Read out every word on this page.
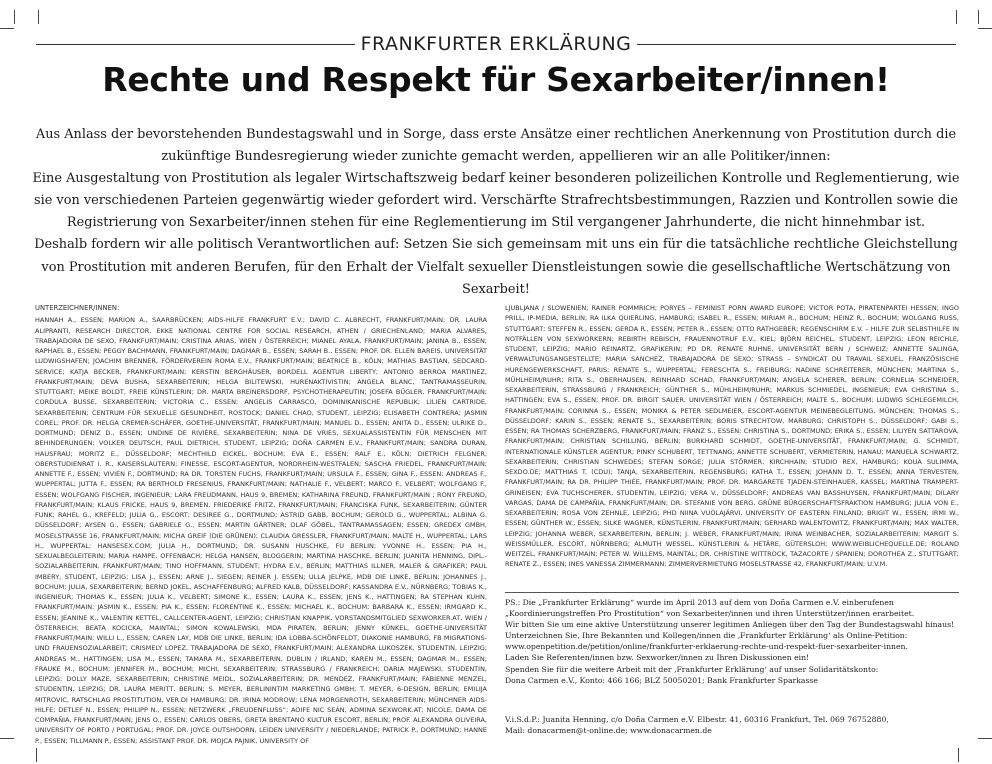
FRANKFURTER ERKLÄRUNG
Rechte und Respekt für Sexarbeiter/innen!

Aus Anlass der bevorstehenden Bundestagswahl und in Sorge, dass erste Ansätze einer rechtlichen Anerkennung von Prostitution durch die zukünftige Bundesregierung wieder zunichte gemacht werden, appellieren wir an alle Politiker/innen:

Eine Ausgestaltung von Prostitution als legaler Wirtschaftszweig bedarf keiner besonderen polizeilichen Kontrolle und Reglementierung, wie sie von verschiedenen Parteien gegenwärtig wieder gefordert wird. Verschärfte Strafrechtsbestimmungen, Razzien und Kontrollen sowie die Registrierung von Sexarbeiter/innen stehen für eine Reglementierung im Stil vergangener Jahrhunderte, die nicht hinnehmbar ist.

Deshalb fordern wir alle politisch Verantwortlichen auf: Setzen Sie sich gemeinsam mit uns ein für die tatsächliche rechtliche Gleichstellung von Prostitution mit anderen Berufen, für den Erhalt der Vielfalt sexueller Dienstleistungen sowie die gesellschaftliche Wertschätzung von Sexarbeit!

UNTERZEICHNER/INNEN:
HANNAH A., ESSEN; MARION A., SAARBRÜCKEN; AIDS-HILFE FRANKFURT E.V.; DAVID C. ALBRECHT, FRANKFURT/MAIN; DR. LAURA ALIPRANTI, RESEARCH DIRECTOR, EKKE NATIONAL CENTRE FOR SOCIAL RESEARCH, ATHEN / GRIECHENLAND; MARIA ALVARES, TRABAJADORA DE SEXO, FRANKFURT/MAIN; CRISTINA ARIAS, WIEN / ÖSTERREICH; MIANEL AYALA, FRANKFURT/MAIN; JANINA B., ESSEN; RAPHAEL B., ESSEN; PEGGY BACHMANN, FRANKFURT/MAIN; DAGMAR B., ESSEN; SARAH B., ESSEN; PROF. DR. ELLEN BAREIS, UNIVERSITÄT LUDWIGSHAFEN; JOACHIM BRENNER, FÖRDERVEREIN ROMA E.V., FRANKFURT/MAIN; BEATRICE B., KÖLN; MATHIAS BASTIAN, SEDCARD-SERVICE; KATJA BECKER, FRANKFURT/MAIN; KERSTIN BERGHÄUSER, BORDELL AGENTUR LIBERTY; ANTONIO BERROA MARTINEZ, FRANKFURT/MAIN; DEVA BUSHA, SEXARBEITERIN; HELGA BILITEWSKI, HURENAKTIVISTIN; ANGELA BLANC, TANTRAMASSEURIN, STUTTGART; MEIKE BOLDT, FREIE KÜNSTLERIN; DR. MARTA BREINERSDORF, PSYCHOTHERAPEUTIN; JOSEFA BÜGLER, FRANKFURT/MAIN; CORDULA BUSSE, SEXARBEITERIN; VICTORIA C., ESSEN; ANGELIS CARRASCO, DOMINIKANISCHE REPUBLIK; LILIEN CARTRIDE, SEXARBEITERIN; CENTRUM FÜR SEXUELLE GESUNDHEIT, ROSTOCK; DANIEL CHAO, STUDENT, LEIPZIG; ELISABETH CONTRERA; JASMIN COREL; PROF. DR. HELGA CREMER-SCHÄFER, GOETHE-UNIVERSITÄT, FRANKFURT/MAIN; MANUEL D., ESSEN; ANITA D., ESSEN; ULRIKE D., DORTMUND; DENIZ D., ESSEN; UNDINE DE RIVIÈRE, SEXARBEITERIN; NINA DE VRIES, SEXUALASSISTENTIN FÜR MENSCHEN MIT BEHINDERUNGEN; VOLKER DEUTSCH, PAUL DIETRICH, STUDENT, LEIPZIG; DOÑA CARMEN E.V., FRANKFURT/MAIN; SANDRA DURAN, HAUSFRAU; MORITZ E., DÜSSELDORF; MECHTHILD EICKEL, BOCHUM; EVA E., ESSEN; RALF E., KÖLN; DIETRICH FELGNER, OBERSTUDIENRAT I. R., KAISERSLAUTERN; FINESSE, ESCORT-AGENTUR, NORDRHEIN-WESTFALEN; SASCHA FRIEDEL, FRANKFURT/MAIN; ANNETTE F., ESSEN; VIVIEN F., DORTMUND; RA DR. TORSTEN FUCHS, FRANKFURT/MAIN; URSULA F., ESSEN; GINA F., ESSEN; ANDREAS F., WUPPERTAL; JUTTA F., ESSEN; RA BERTHOLD FRESENIUS, FRANKFURT/MAIN; NATHALIE F., VELBERT; MARCO F., VELBERT; WOLFGANG F., ESSEN; WOLFGANG FISCHER, INGENIEUR; LARA FREUDMANN, HAUS 9, BREMEN; KATHARINA FREUND, FRANKFURT/MAIN ; RONY FREUND, FRANKFURT/MAIN; KLAUS FRICKE, HAUS 9, BREMEN, FRIEDERIKE FRITZ, FRANKFURT/MAIN; FRANCISKA FUNK, SEXARBEITERIN; GÜNTER FUNK; RAHEL G., KREFELD; JULIA G., ESCORT; DESIREE G., DORTMUND; ASTRID GABB, BOCHUM; GEROLD G., WUPPERTAL; ALBINA G. DÜSSELDORF; AYSEN G., ESSEN; GABRIELE G., ESSEN; MARTIN GÄRTNER; OLAF GÖBEL, TANTRAMASSAGEN; ESSEN; GREDEX GMBH, MOSELSTRASSE 16, FRANKFURT/MAIN; MICHA GREIF (DIE GRÜNEN); CLAUDIA GRESSLER, FRANKFURT/MAIN; MALTE H., WUPPERTAL; LARS H., WUPPERTAL; HANSESEX.COM; JULIA H., DORTMUND; DR. SUSANN HUSCHKE, FU BERLIN; YVONNE H., ESSEN; PIA H., SEXUALBEGLEITERIN; MARIA HAMPE, OFFENBACH; HELGA HANSEN, BLOGGERIN; MARTINA HASCHKE, BERLIN; JUANITA HENNING, DIPL.-SOZIALARBEITERIN, FRANKFURT/MAIN; TINO HOFFMANN, STUDENT; HYDRA E.V., BERLIN; MATTHIAS ILLNER, MALER & GRAFIKER; PAUL IMBERY, STUDENT, LEIPZIG; LISA J., ESSEN; ARNE J., SIEGEN; REINER J. ESSEN; ULLA JELPKE, MDB DIE LINKE, BERLIN; JOHANNES J., BOCHUM; JULIA, SEXARBEITERIN; BERND JOKEL, ASCHAFFENBURG; ALFRED KALB, DÜSSELDORF; KASSANDRA E.V., NÜRNBERG; TOBIAS K., INGENIEUR; THOMAS K., ESSEN; JULIA K., VELBERT; SIMONE K., ESSEN; LAURA K., ESSEN; JENS K., HATTINGEN; RA STEPHAN KUHN, FRANKFURT/MAIN; JASMIN K., ESSEN; PIA K., ESSEN; FLORENTINE K., ESSEN; MICHAEL K., BOCHUM; BARBARA K., ESSEN; IRMGARD K., ESSEN; JEANINE K., VALENTIN KETTEL, CALLCENTER-AGENT, LEIPZIG; CHRISTIAN KNAPPIK, VORSTANDSMITGLIED SEXWORKER.AT, WIEN / ÖSTERREICH; BEATA KOCICKA, MAINTAL; SIMON KOWALEWSKI, MDA PIRATEN, BERLIN; JENNY KÜNKEL, GOETHE-UNIVERSITÄT FRANKFURT/MAIN; WILLI L., ESSEN; CAREN LAY, MDB DIE LINKE, BERLIN; IDA LOBBA-SCHÖNFELDT, DIAKONIE HAMBURG, FB MIGRATIONS- UND FRAUENSOZIALARBEIT; CRISMELY LOPEZ, TRABAJADORA DE SEXO, FRANKFURT/MAIN; ALEXANDRA LUKOSZEK, STUDENTIN, LEIPZIG; ANDREAS M., HATTINGEN; LISA M., ESSEN; TAMARA M., SEXARBEITERIN, DUBLIN / IRLAND; KAREN M., ESSEN; DAGMAR M., ESSEN; FRAUKE M., BOCHUM; JENNIFER M., BOCHUM; MICHI, SEXARBEITERIN; STRASSBURG / FRANKREICH; DARIA MAJEWSKI, STUDENTIN, LEIPZIG; DOLLY MAZE, SEXARBEITERIN; CHRISTINE MEIDL, SOZIALARBEITERIN; DR. MENDEZ, FRANKFURT/MAIN; FABIENNE MENZEL, STUDENTIN, LEIPZIG; DR. LAURA MERITT, BERLIN; S. MEYER, BERLININTIM MARKETING GMBH; T. MEYER, 6-DESIGN, BERLIN; EMILIJA MITROVIC, RATSCHLAG PROSTITUTION, VER.DI HAMBURG; DR. IRINA MODROW; LENA MORGENROTH, SEXARBEITERIN; MÜNCHNER AIDS-HILFE; DETLEF N., ESSEN; PHILIPP N., ESSEN; NETZWERK „FREUDENFLUSS“; AOIFE NIC SEÁN, ADMINA SEXWORK.AT; NICOLE, DAMA DE COMPAÑIA, FRANKFURT/MAIN; JENS O., ESSEN; CARLOS OBERS, GRETA BRENTANO KULTUR ESCORT, BERLIN; PROF. ALEXANDRA OLIVEIRA, UNIVERSITY OF PORTO / PORTUGAL; PROF. DR. JOYCE OUTSHOORN, LEIDEN UNIVERSITY / NIEDERLANDE; PATRICK P., DORTMUND; HANNE P., ESSEN; TILLMANN P., ESSEN; ASSISTANT PROF. DR. MOJCA PAJNIK, UNIVERSITY OF
LJUBLJANA / SLOWENIEN; RAINER POMMRICH; PORYES – FEMINIST PORN AWARD EUROPE; VICTOR POTA, PIRATENPARTEI HESSEN; INGO PRILL, IP-MEDIA, BERLIN; RA ILKA QUIERLING, HAMBURG; ISABEL R., ESSEN; MIRIAM R., BOCHUM; HEINZ R., BOCHUM; WOLGANG RUSS, STUTTGART; STEFFEN R., ESSEN; GERDA R., ESSEN; PETER R., ESSEN; OTTO RATHGEBER; REGENSCHIRM E.V. – HILFE ZUR SELBSTHILFE IN NOTFÄLLEN VON SEXWORKERN; REBIRTH REBISCH, FRAUENNOTRUF E.V., KIEL; BJÖRN REICHEL, STUDENT, LEIPZIG; LEON REICHLE, STUDENT, LEIPZIG; MARIO REINARTZ, GRAFIKERIN; PD DR. RENATE RUHNE, UNIVERSITÄT BERN / SCHWEIZ; ANNETTE SALINGA, VERWALTUNGSANGESTELLTE; MARIA SANCHEZ, TRABAJADORA DE SEXO; STRASS – SYNDICAT DU TRAVAIL SEXUEL, FRANZÖSISCHE HURENGEWERKSCHAFT, PARIS; RENATE S., WUPPERTAL; FERESCHTA S., FREIBURG; NADINE SCHREITERER, MÜNCHEN; MARTINA S., MÜHLHEIM/RUHR; RITA S., OBERHAUSEN, REINHARD SCHAD, FRANKFURT/MAIN; ANGELA SCHERER, BERLIN; CORNELIA SCHNEIDER, SEXARBEITERIN, STRASSBURG / FRANKREICH; GÜNTHER S., MÜHLHEIM/RUHR; MARKUS SCHMIEDEL, INGENIEUR; EVA CHRISTINA S., HATTINGEN; EVA S., ESSEN; PROF. DR. BIRGIT SAUER, UNIVERSITÄT WIEN / ÖSTERREICH; MALTE S., BOCHUM; LUDWIG SCHLEGEMILCH, FRANKFURT/MAIN; CORINNA S., ESSEN; MONIKA & PETER SEDLMEIER, ESCORT-AGENTUR MEINEBEGLEITUNG, MÜNCHEN; THOMAS S., DÜSSELDORF; KARIN S., ESSEN; RENATE S., SEXARBEITERIN; BORIS STRECHTOW, MARBURG; CHRISTOPH S., DÜSSELDORF; GABI S., ESSEN; RA THOMAS SCHERZBERG, FRANKFURT/MAIN; FRANZ S., ESSEN; CHRISTINA S., DORTMUND; ERIKA S., ESSEN; LILIYEN SATTAROVA, FRANKFURT/MAIN; CHRISTIAN SCHILLING, BERLIN; BURKHARD SCHMIDT, GOETHE-UNIVERSITÄT, FRANKFURT/MAIN; G. SCHMIDT, INTERNATIONALE KÜNSTLER AGENTUR; PINKY SCHUBERT, TETTNANG; ANNETTE SCHUBERT, VERMIETERIN, HANAU; MANUELA SCHWARTZ, SEXARBEITERIN; CHRISTIAN SCHWEDES; STEFAN SORGE; JULIA STÖRMER, KIRCHHAIN; STUDIO REX, HAMBURG; KOUA SULIMMA, SEXDO.DE; MATTHIAS T. (CDU); TANJA, SEXARBEITERIN, REGENSBURG; KATHA T., ESSEN; JOHANN D. T., ESSEN; ANNA TERVESTEN, FRANKFURT/MAIN; RA DR. PHILIPP THIÉE, FRANKFURT/MAIN; PROF. DR. MARGARETE TJADEN-STEINHAUER, KASSEL; MARTINA TRAMPERT-GRINEISEN; EVA TUCHSCHERER, STUDENTIN, LEIPZIG; VERA V., DÜSSELDORF; ANDREAS VAN BASSHUYSEN, FRANKFURT/MAIN; DILARY VARGAS, DAMA DE CAMPAÑIA, FRANKFURT/MAIN; DR. STEFANIE VON BERG, GRÜNE BÜRGERSCHAFTSFRAKTION HAMBURG; JULIA VON E., SEXARBEITERIN; ROSA VON ZEHNLE, LEIPZIG; PHD NIINA VUOLAJÄRVI, UNIVERSITY OF EASTERN FINLAND; BRIGIT W., ESSEN; IRMI W., ESSEN; GÜNTHER W., ESSEN; SILKE WAGNER, KÜNSTLERIN, FRANKFURT/MAIN; GERHARD WALENTOWITZ, FRANKFURT/MAIN; MAX WALTER, LEIPZIG; JOHANNA WEBER, SEXARBEITERIN, BERLIN; J. WEBER, FRANKFURT/MAIN; IRINA WEINBACHER, SOZIALARBEITERIN; MARGIT S. WEISSMÜLLER, ESCORT, NÜRNBERG; ALMUTH WESSEL, KÜNSTLERIN & HETÄRE, GÜTERSLOH; WWW.WEIBLICHEQUELLE.DE; ROLAND WEITZEL, FRANKFURT/MAIN; PETER W. WILLEMS, MAINTAL; DR. CHRISTINE WITTROCK, TAZACORTE / SPANIEN; DOROTHEA Z., STUTTGART; RENATE Z., ESSEN; INES VANESSA ZIMMERMANN; ZIMMERVERMIETUNG MOSELSTRASSE 42, FRANKFURT/MAIN; U.V.M.

PS.: Die „Frankfurter Erklärung“ wurde im April 2013 auf dem von Doña Carmen e.V. einberufenen „Koordinierungstreffen Pro Prostitution“ von Sexarbeiter/innen und ihren Unterstützer/innen erarbeitet.

Wir bitten Sie um eine aktive Unterstützung unserer legitimen Anliegen über den Tag der Bundestagswahl hinaus!

Unterzeichnen Sie, Ihre Bekannten und Kollegen/innen die ‚Frankfurter Erklärung‘ als Online-Petition: www.openpetition.de/petition/online/frankfurter-erklaerung-rechte-und-respekt-fuer-sexarbeiter-innen.

Laden Sie Referenten/innen bzw. Sexworker/innen zu Ihren Diskussionen ein!

Spenden Sie für die weitere Arbeit mit der ‚Frankfurter Erklärung‘ auf unser Solidaritätskonto:

Dona Carmen e.V., Konto: 466 166; BLZ 50050201; Bank Frankfurter Sparkasse

V.i.S.d.P.: Juanita Henning, c/o Doña Carmen e.V. Elbestr. 41, 60316 Frankfurt, Tel. 069 76752880,

Mail: donacarmen@t-online.de; www.donacarmen.de
